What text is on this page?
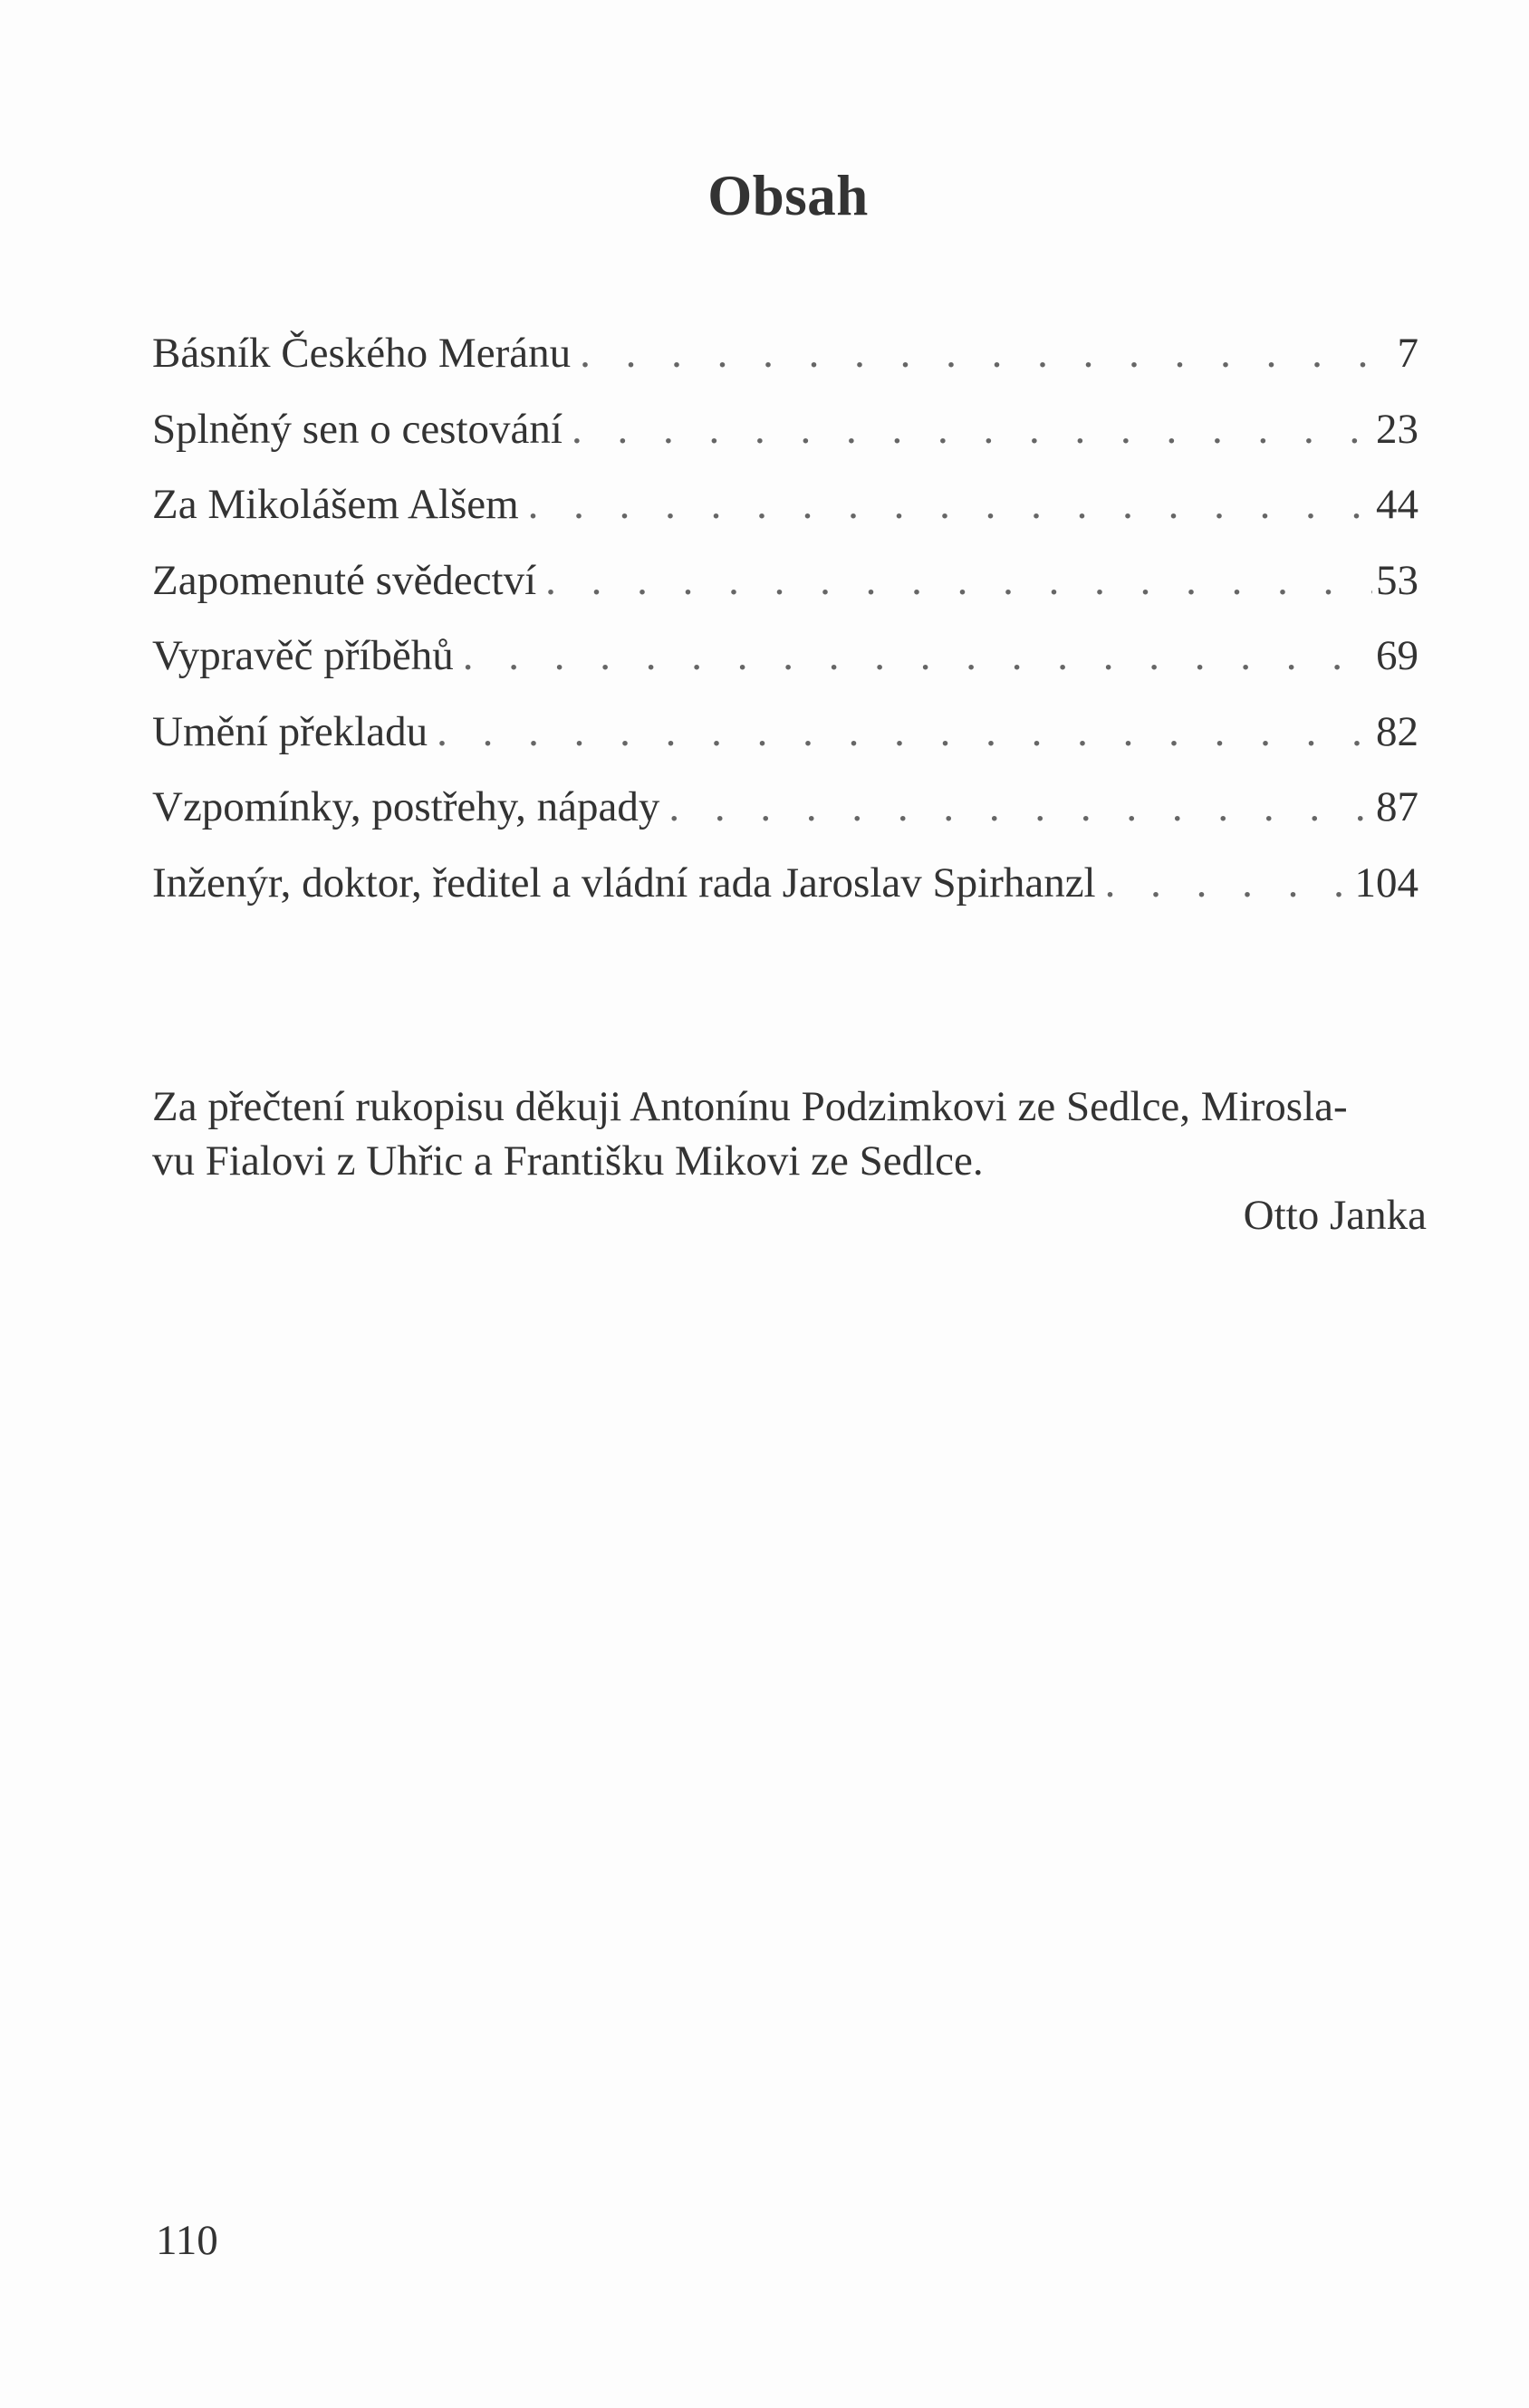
Obsah
Básník Českého Meránu . . .	7
Splněný sen o cestování . . .	23
Za Mikolášem Alšem . . .	44
Zapomenuté svědectví . . .	53
Vypravěč příběhů . . .	69
Umění překladu . . .	82
Vzpomínky, postřehy, nápady . . .	87
Inženýr, doktor, ředitel a vládní rada Jaroslav Spirhanzl . . .	104

Za přečtení rukopisu děkuji Antonínu Podzimkovi ze Sedlce, Mirosla-
vu Fialovi z Uhřic a Františku Mikovi ze Sedlce.

Otto Janka
110
